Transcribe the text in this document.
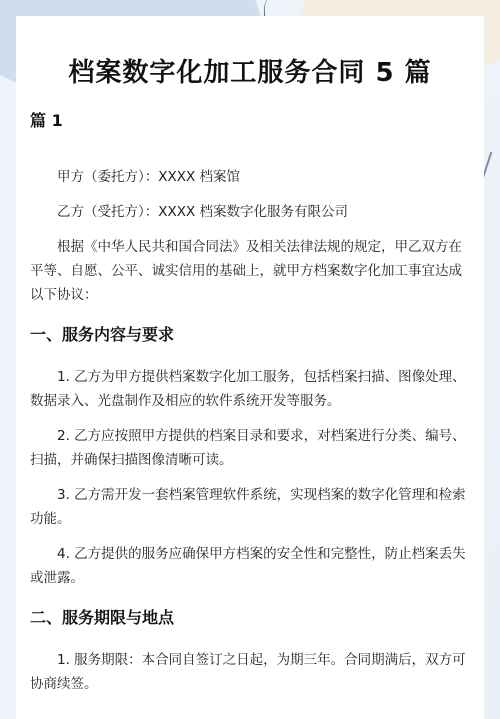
档案数字化加工服务合同 5 篇

篇 1

甲方（委托方）：XXXX 档案馆

乙方（受托方）：XXXX 档案数字化服务有限公司

根据《中华人民共和国合同法》及相关法律法规的规定，甲乙双方在平等、自愿、公平、诚实信用的基础上，就甲方档案数字化加工事宜达成以下协议：

一、服务内容与要求

1. 乙方为甲方提供档案数字化加工服务，包括档案扫描、图像处理、数据录入、光盘制作及相应的软件系统开发等服务。

2. 乙方应按照甲方提供的档案目录和要求，对档案进行分类、编号、扫描，并确保扫描图像清晰可读。

3. 乙方需开发一套档案管理软件系统，实现档案的数字化管理和检索功能。

4. 乙方提供的服务应确保甲方档案的安全性和完整性，防止档案丢失或泄露。

二、服务期限与地点

1. 服务期限：本合同自签订之日起，为期三年。合同期满后，双方可协商续签。
